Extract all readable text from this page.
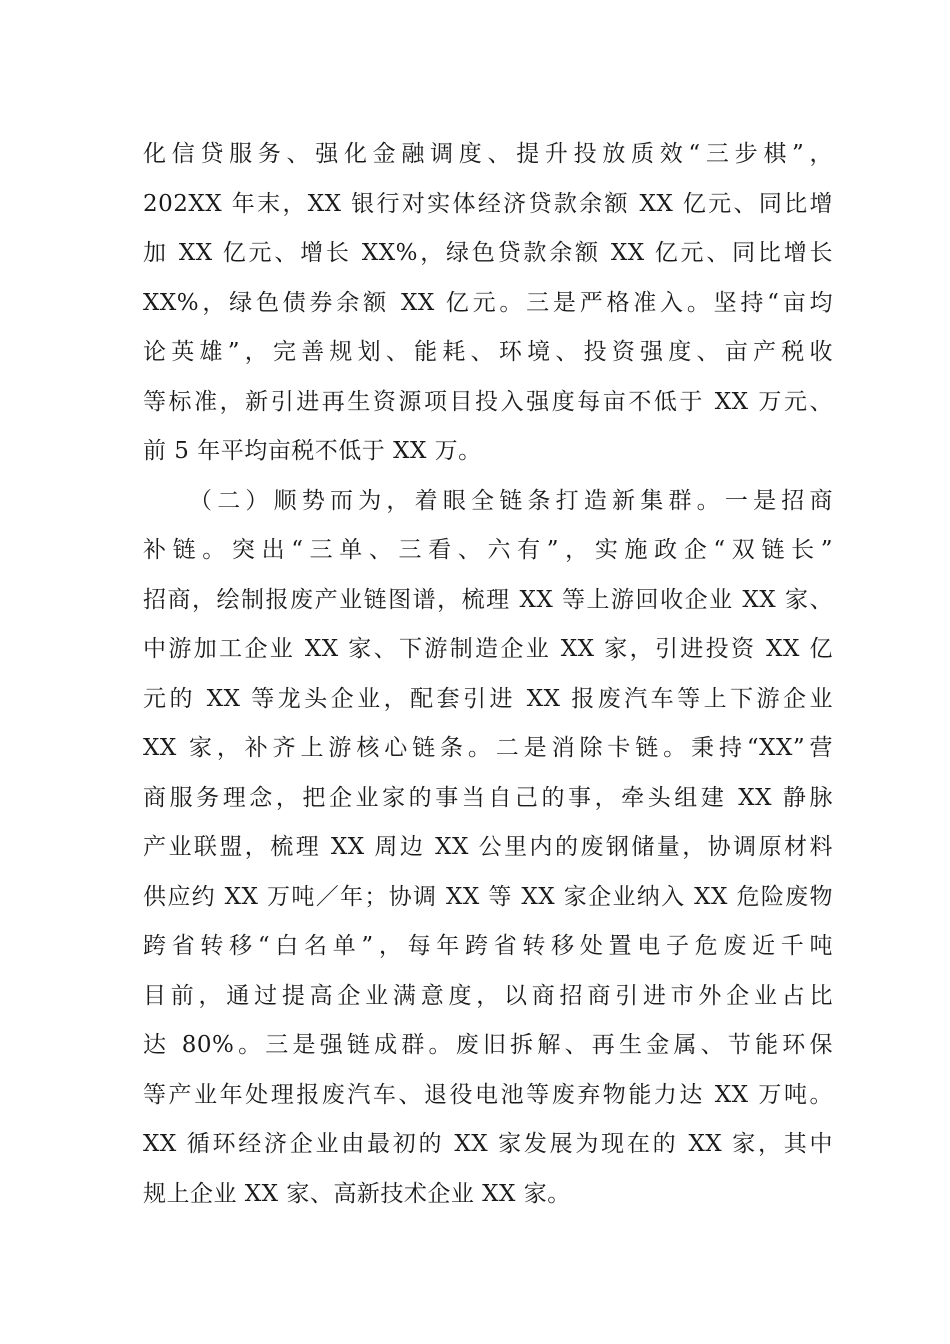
化信贷服务、强化金融调度、提升投放质效“三步棋”，
202XX 年末，XX 银行对实体经济贷款余额 XX 亿元、同比增
加 XX 亿元、增长 XX%，绿色贷款余额 XX 亿元、同比增长
XX%，绿色债券余额 XX 亿元。三是严格准入。坚持“亩均
论英雄”，完善规划、能耗、环境、投资强度、亩产税收
等标准，新引进再生资源项目投入强度每亩不低于 XX 万元、
前 5 年平均亩税不低于 XX 万。
（二）顺势而为，着眼全链条打造新集群。一是招商
补链。突出“三单、三看、六有”，实施政企“双链长”
招商，绘制报废产业链图谱，梳理 XX 等上游回收企业 XX 家、
中游加工企业 XX 家、下游制造企业 XX 家，引进投资 XX 亿
元的 XX 等龙头企业，配套引进 XX 报废汽车等上下游企业
XX 家，补齐上游核心链条。二是消除卡链。秉持“XX”营
商服务理念，把企业家的事当自己的事，牵头组建 XX 静脉
产业联盟，梳理 XX 周边 XX 公里内的废钢储量，协调原材料
供应约 XX 万吨／年；协调 XX 等 XX 家企业纳入 XX 危险废物
跨省转移“白名单”，每年跨省转移处置电子危废近千吨
目前，通过提高企业满意度，以商招商引进市外企业占比
达 80%。三是强链成群。废旧拆解、再生金属、节能环保
等产业年处理报废汽车、退役电池等废弃物能力达 XX 万吨。
XX 循环经济企业由最初的 XX 家发展为现在的 XX 家，其中
规上企业 XX 家、高新技术企业 XX 家。
